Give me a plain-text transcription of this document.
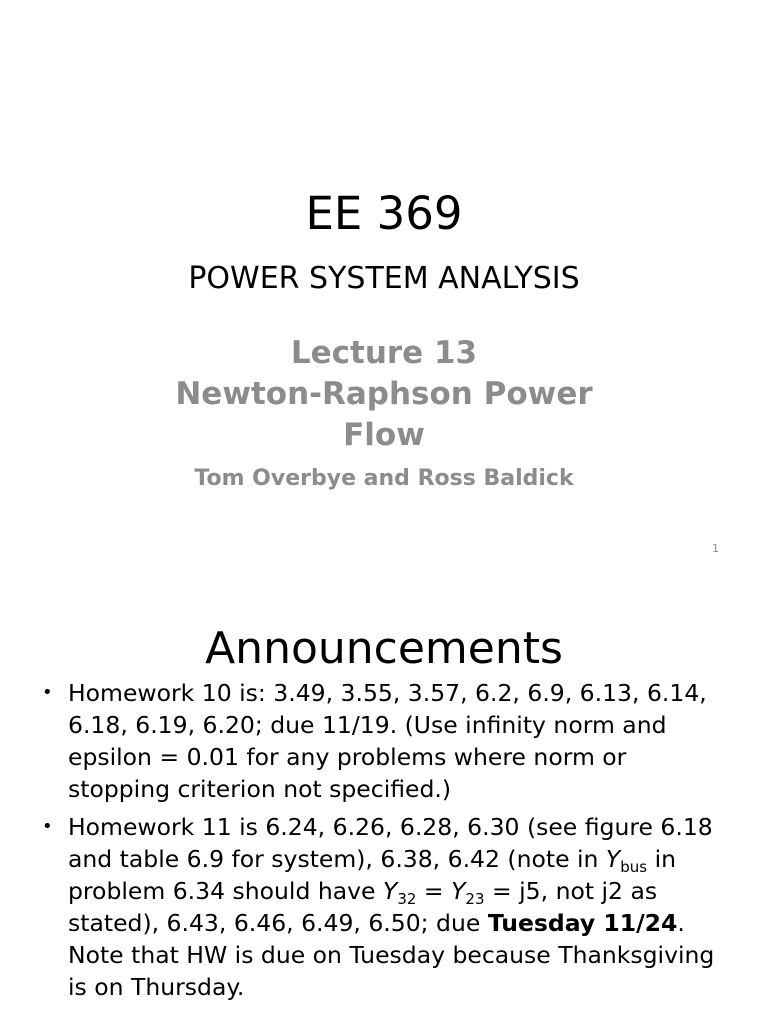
EE 369
POWER SYSTEM ANALYSIS
Lecture 13
Newton-Raphson Power
Flow
Tom Overbye and Ross Baldick
1
Announcements
• Homework 10 is: 3.49, 3.55, 3.57, 6.2, 6.9, 6.13, 6.14, 6.18, 6.19, 6.20; due 11/19. (Use infinity norm and epsilon = 0.01 for any problems where norm or stopping criterion not specified.)
• Homework 11 is 6.24, 6.26, 6.28, 6.30 (see figure 6.18 and table 6.9 for system), 6.38, 6.42 (note in $Y_{bus}$ in problem 6.34 should have $Y_{32} = Y_{23} = j5$, not j2 as stated), 6.43, 6.46, 6.49, 6.50; due Tuesday 11/24. Note that HW is due on Tuesday because Thanksgiving is on Thursday.
